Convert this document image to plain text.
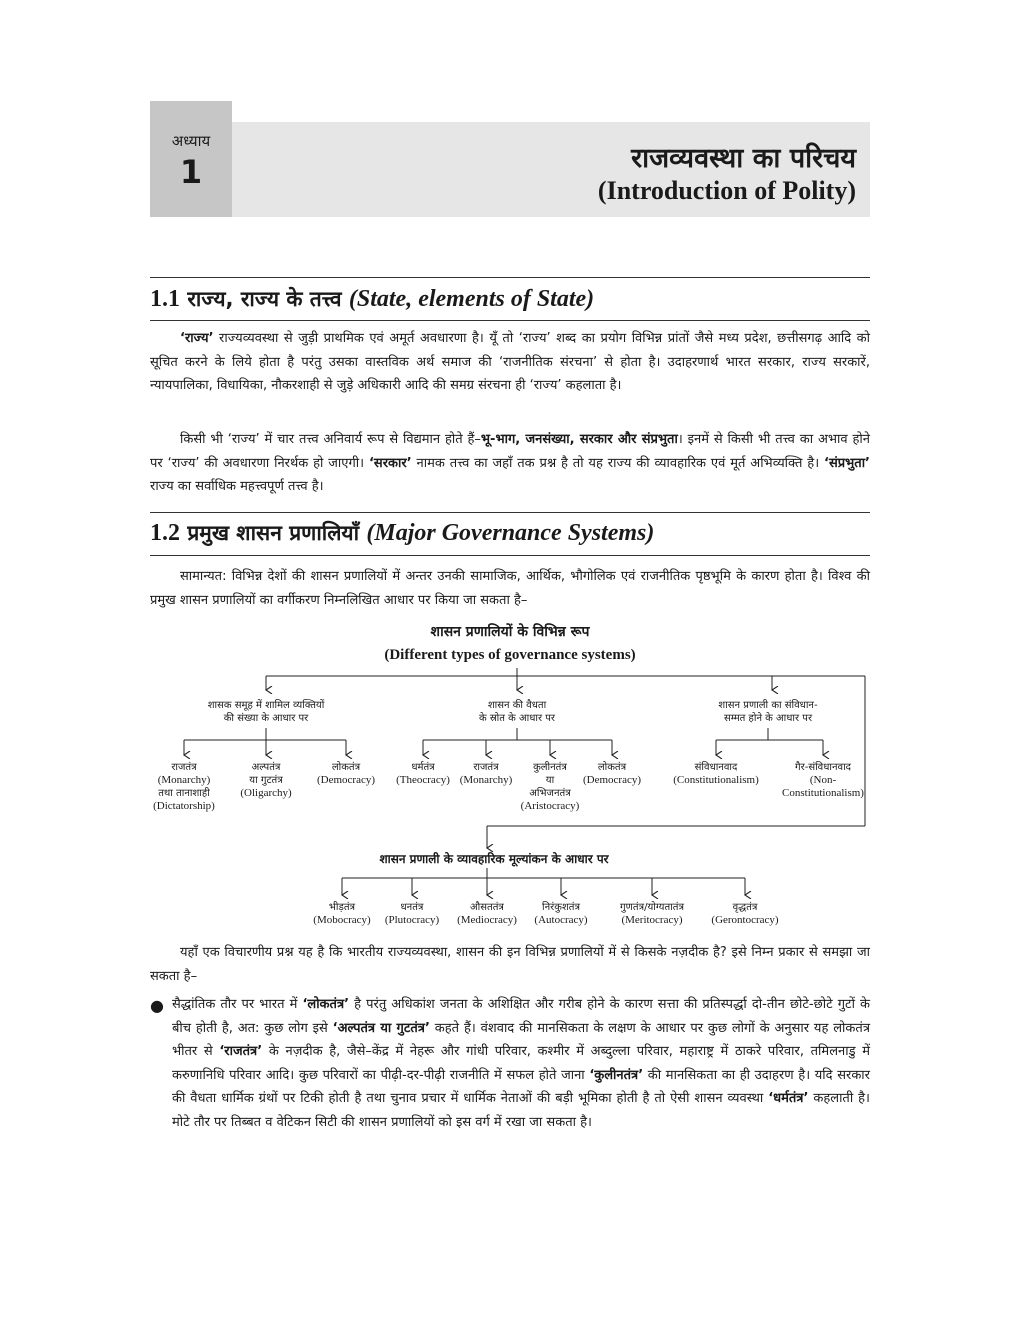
अध्याय
1	राजव्यवस्था का परिचय
(Introduction of Polity)
1.1 राज्य, राज्य के तत्त्व (State, elements of State)
‘राज्य’ राज्यव्यवस्था से जुड़ी प्राथमिक एवं अमूर्त अवधारणा है। यूँ तो ‘राज्य’ शब्द का प्रयोग विभिन्न प्रांतों जैसे मध्य प्रदेश, छत्तीसगढ़ आदि को सूचित करने के लिये होता है परंतु उसका वास्तविक अर्थ समाज की ‘राजनीतिक संरचना’ से होता है। उदाहरणार्थ भारत सरकार, राज्य सरकारें, न्यायपालिका, विधायिका, नौकरशाही से जुड़े अधिकारी आदि की समग्र संरचना ही ‘राज्य’ कहलाता है।
किसी भी ‘राज्य’ में चार तत्त्व अनिवार्य रूप से विद्यमान होते हैं–भू-भाग, जनसंख्या, सरकार और संप्रभुता। इनमें से किसी भी तत्त्व का अभाव होने पर ‘राज्य’ की अवधारणा निरर्थक हो जाएगी। ‘सरकार’ नामक तत्त्व का जहाँ तक प्रश्न है तो यह राज्य की व्यावहारिक एवं मूर्त अभिव्यक्ति है। ‘संप्रभुता’ राज्य का सर्वाधिक महत्त्वपूर्ण तत्त्व है।
1.2 प्रमुख शासन प्रणालियाँ (Major Governance Systems)
सामान्यत: विभिन्न देशों की शासन प्रणालियों में अन्तर उनकी सामाजिक, आर्थिक, भौगोलिक एवं राजनीतिक पृष्ठभूमि के कारण होता है। विश्व की प्रमुख शासन प्रणालियों का वर्गीकरण निम्नलिखित आधार पर किया जा सकता है–
शासन प्रणालियों के विभिन्न रूप
(Different types of governance systems)
शासक समूह में शामिल व्यक्तियों
की संख्या के आधार पर
शासन की वैधता
के स्रोत के आधार पर
शासन प्रणाली का संविधान-
सम्मत होने के आधार पर
राजतंत्र
(Monarchy)
तथा तानाशाही
(Dictatorship)
अल्पतंत्र
या गुटतंत्र
(Oligarchy)
लोकतंत्र
(Democracy)
धर्मतंत्र
(Theocracy)
राजतंत्र
(Monarchy)
कुलीनतंत्र
या
अभिजनतंत्र
(Aristocracy)
लोकतंत्र
(Democracy)
संविधानवाद
(Constitutionalism)
गैर-संविधानवाद
(Non-
Constitutionalism)
शासन प्रणाली के व्यावहारिक मूल्यांकन के आधार पर
भीड़तंत्र
(Mobocracy)
धनतंत्र
(Plutocracy)
औसततंत्र
(Mediocracy)
निरंकुशतंत्र
(Autocracy)
गुणतंत्र/योग्यतातंत्र
(Meritocracy)
वृद्धतंत्र
(Gerontocracy)
यहाँ एक विचारणीय प्रश्न यह है कि भारतीय राज्यव्यवस्था, शासन की इन विभिन्न प्रणालियों में से किसके नज़दीक है? इसे निम्न प्रकार से समझा जा सकता है–
● सैद्धांतिक तौर पर भारत में ‘लोकतंत्र’ है परंतु अधिकांश जनता के अशिक्षित और गरीब होने के कारण सत्ता की प्रतिस्पर्द्धा दो-तीन छोटे-छोटे गुटों के बीच होती है, अत: कुछ लोग इसे ‘अल्पतंत्र या गुटतंत्र’ कहते हैं। वंशवाद की मानसिकता के लक्षण के आधार पर कुछ लोगों के अनुसार यह लोकतंत्र भीतर से ‘राजतंत्र’ के नज़दीक है, जैसे–केंद्र में नेहरू और गांधी परिवार, कश्मीर में अब्दुल्ला परिवार, महाराष्ट्र में ठाकरे परिवार, तमिलनाडु में करुणानिधि परिवार आदि। कुछ परिवारों का पीढ़ी-दर-पीढ़ी राजनीति में सफल होते जाना ‘कुलीनतंत्र’ की मानसिकता का ही उदाहरण है। यदि सरकार की वैधता धार्मिक ग्रंथों पर टिकी होती है तथा चुनाव प्रचार में धार्मिक नेताओं की बड़ी भूमिका होती है तो ऐसी शासन व्यवस्था ‘धर्मतंत्र’ कहलाती है। मोटे तौर पर तिब्बत व वेटिकन सिटी की शासन प्रणालियों को इस वर्ग में रखा जा सकता है।
